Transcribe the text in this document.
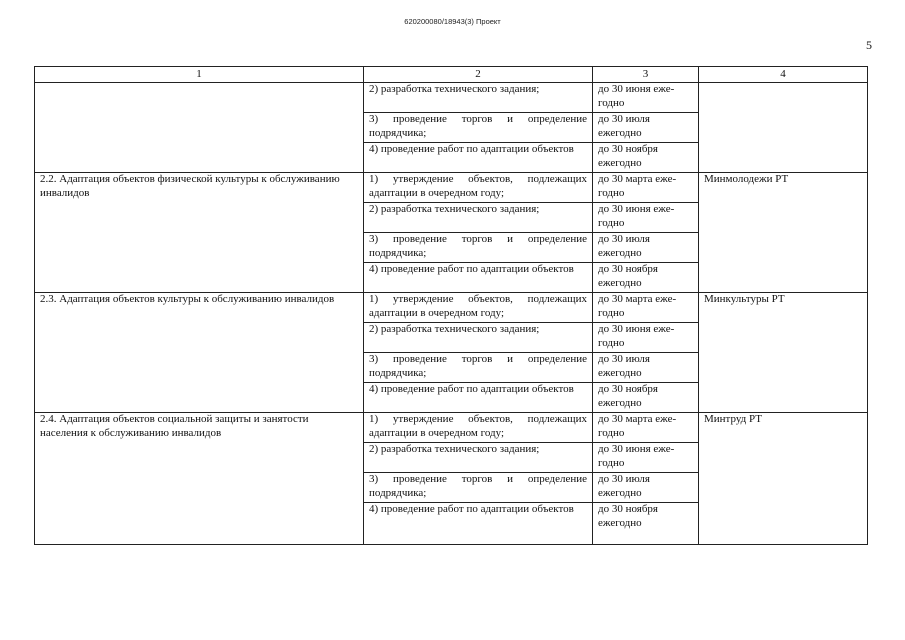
620200080/18943(3) Проект
5
1	2	3	4
	2) разработка технического задания;	до 30 июня еже-годно	
	3) проведение торгов и определение подрядчика;	до 30 июля ежегодно	
	4) проведение работ по адаптации объектов	до 30 ноября ежегодно	
2.2. Адаптация объектов физической культуры к обслуживанию инвалидов	1) утверждение объектов, подлежащих адаптации в очередном году;	до 30 марта еже-годно	Минмолодежи РТ
	2) разработка технического задания;	до 30 июня еже-годно	
	3) проведение торгов и определение подрядчика;	до 30 июля ежегодно	
	4) проведение работ по адаптации объектов	до 30 ноября ежегодно	
2.3. Адаптация объектов культуры к обслуживанию инвалидов	1) утверждение объектов, подлежащих адаптации в очередном году;	до 30 марта еже-годно	Минкультуры РТ
	2) разработка технического задания;	до 30 июня еже-годно	
	3) проведение торгов и определение подрядчика;	до 30 июля ежегодно	
	4) проведение работ по адаптации объектов	до 30 ноября ежегодно	
2.4. Адаптация объектов социальной защиты и занятости населения к обслуживанию инвалидов	1) утверждение объектов, подлежащих адаптации в очередном году;	до 30 марта еже-годно	Минтруд РТ
	2) разработка технического задания;	до 30 июня еже-годно	
	3) проведение торгов и определение подрядчика;	до 30 июля ежегодно	
	4) проведение работ по адаптации объектов	до 30 ноября ежегодно	
